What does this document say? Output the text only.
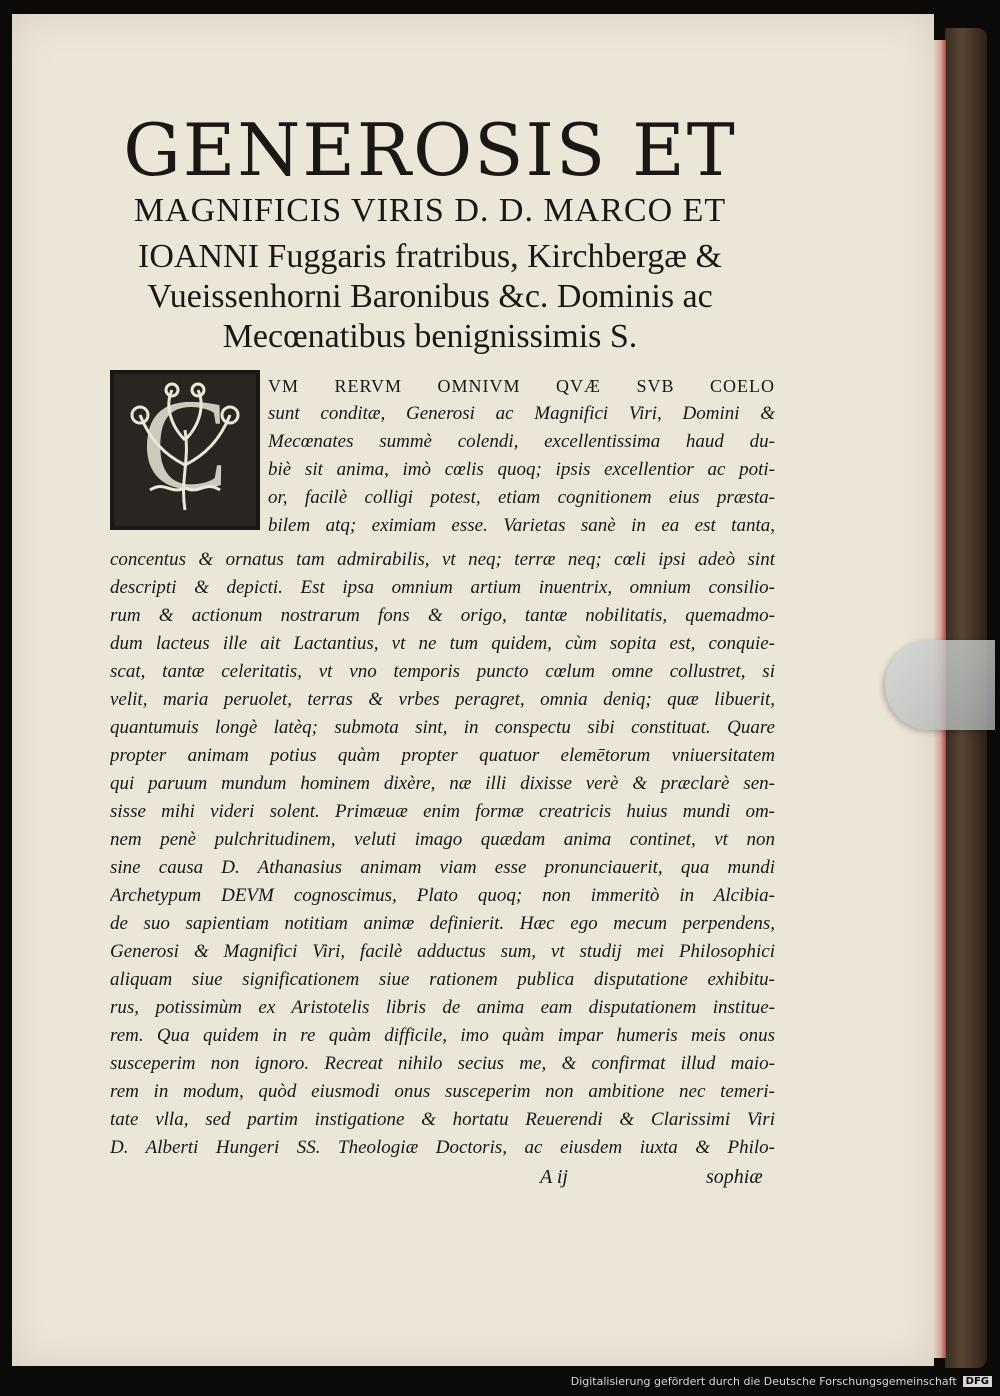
GENEROSIS ET
MAGNIFICIS VIRIS D. D. MARCO ET
IOANNI Fuggaris fratribus, Kirchbergæ &
Vueissenhorni Baronibus &c. Dominis ac
Mecœnatibus benignissimis S.
C VM RERVM OMNIVM QVÆ SVB COELO

sunt conditæ, Generosi ac Magnifici Viri, Domini &

Mecœnates summè colendi, excellentissima haud du-

biè sit anima, imò cœlis quoq; ipsis excellentior ac poti-

or, facilè colligi potest, etiam cognitionem eius præsta-

bilem atq; eximiam esse. Varietas sanè in ea est tanta,

concentus & ornatus tam admirabilis, vt neq; terræ neq; cœli ipsi adeò sint

descripti & depicti. Est ipsa omnium artium inuentrix, omnium consilio-

rum & actionum nostrarum fons & origo, tantæ nobilitatis, quemadmo-

dum lacteus ille ait Lactantius, vt ne tum quidem, cùm sopita est, conquie-

scat, tantæ celeritatis, vt vno temporis puncto cœlum omne collustret, si

velit, maria peruolet, terras & vrbes peragret, omnia deniq; quæ libuerit,

quantumuis longè latèq; submota sint, in conspectu sibi constituat. Quare

propter animam potius quàm propter quatuor elemētorum vniuersitatem

qui paruum mundum hominem dixère, næ illi dixisse verè & præclarè sen-

sisse mihi videri solent. Primæuæ enim formæ creatricis huius mundi om-

nem penè pulchritudinem, veluti imago quædam anima continet, vt non

sine causa D. Athanasius animam viam esse pronunciauerit, qua mundi

Archetypum DEVM cognoscimus, Plato quoq; non immeritò in Alcibia-

de suo sapientiam notitiam animæ definierit. Hæc ego mecum perpendens,

Generosi & Magnifici Viri, facilè adductus sum, vt studij mei Philosophici

aliquam siue significationem siue rationem publica disputatione exhibitu-

rus, potissimùm ex Aristotelis libris de anima eam disputationem institue-

rem. Qua quidem in re quàm difficile, imo quàm impar humeris meis onus

susceperim non ignoro. Recreat nihilo secius me, & confirmat illud maio-

rem in modum, quòd eiusmodi onus susceperim non ambitione nec temeri-

tate vlla, sed partim instigatione & hortatu Reuerendi & Clarissimi Viri

D. Alberti Hungeri SS. Theologiæ Doctoris, ac eiusdem iuxta & Philo-

A ij	sophiæ
Digitalisierung gefördert durch die Deutsche Forschungsgemeinschaft DFG
